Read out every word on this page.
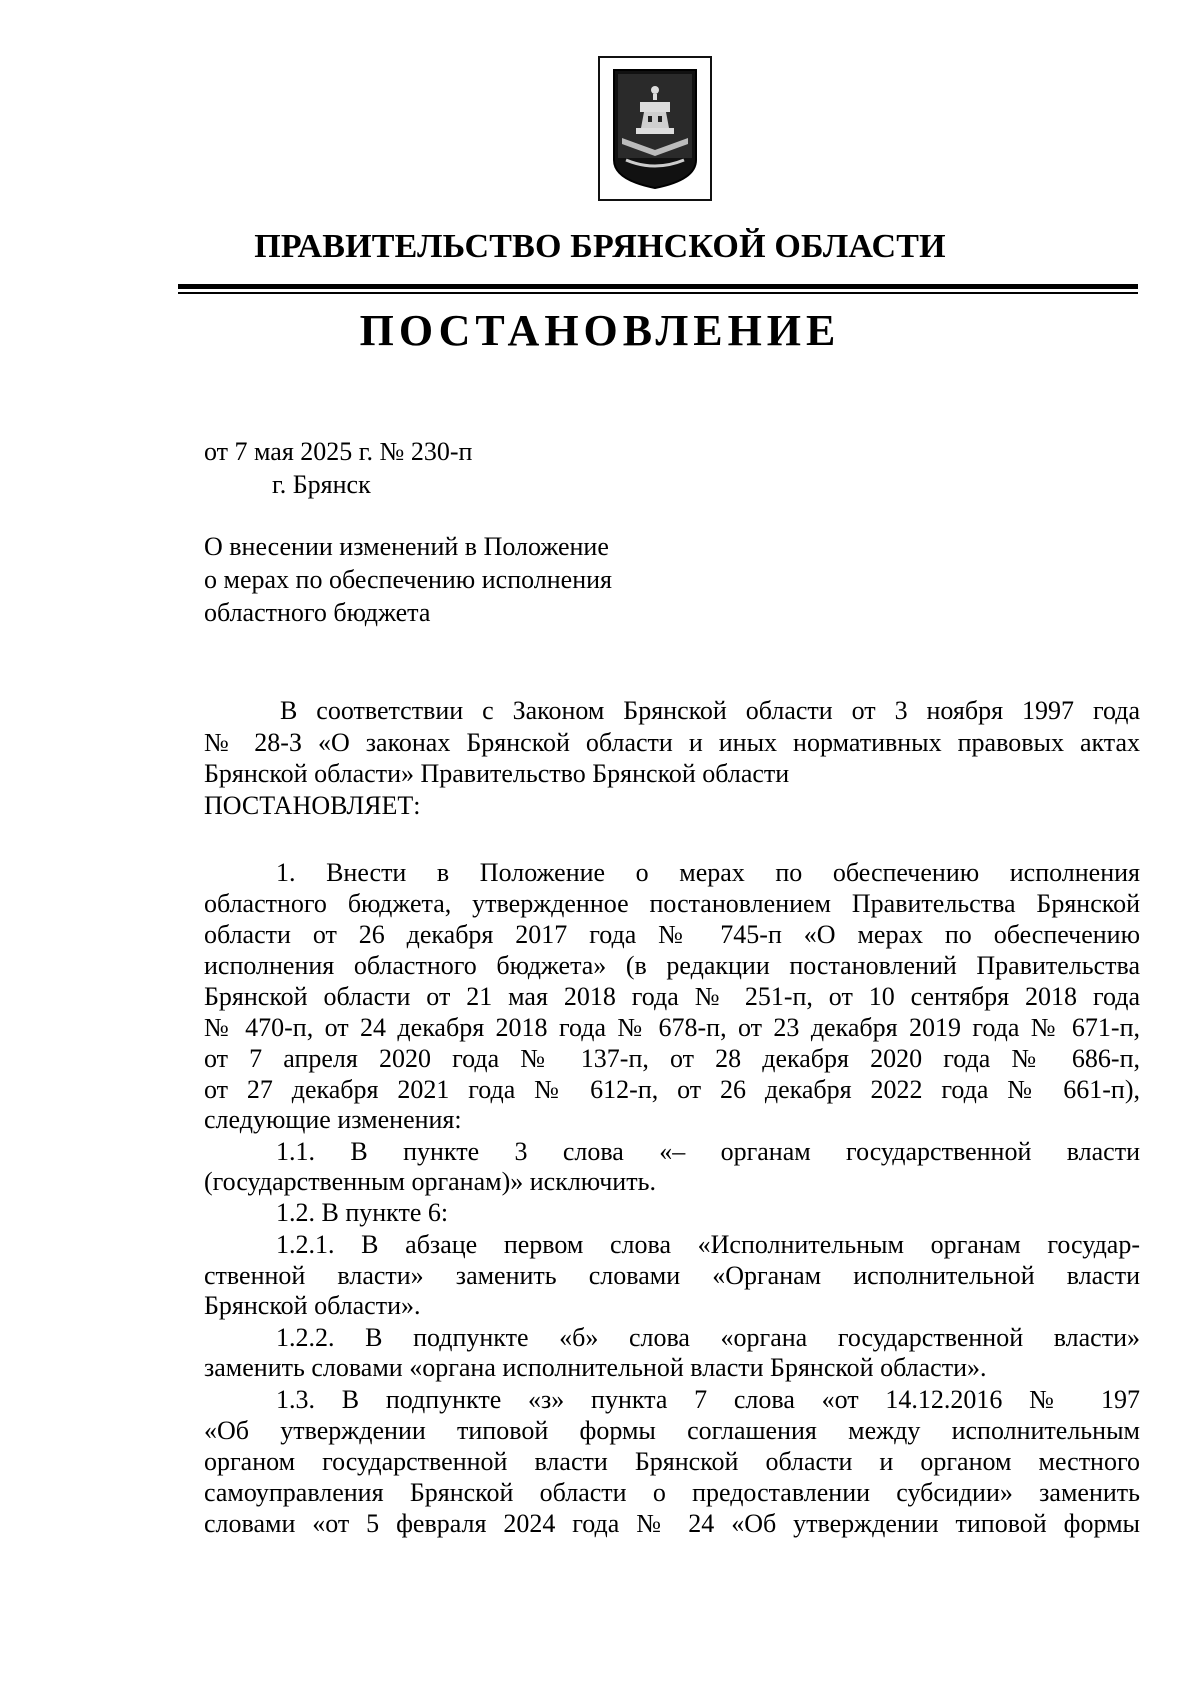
ПРАВИТЕЛЬСТВО БРЯНСКОЙ ОБЛАСТИ
ПОСТАНОВЛЕНИЕ
от 7 мая 2025 г. № 230-п
г. Брянск
О внесении изменений в Положение
о мерах по обеспечению исполнения
областного бюджета
В соответствии с Законом Брянской области от 3 ноября 1997 года
№ 28-З «О законах Брянской области и иных нормативных правовых актах
Брянской области» Правительство Брянской области
ПОСТАНОВЛЯЕТ:
1. Внести в Положение о мерах по обеспечению исполнения
областного бюджета, утвержденное постановлением Правительства Брянской
области от 26 декабря 2017 года № 745-п «О мерах по обеспечению
исполнения областного бюджета» (в редакции постановлений Правительства
Брянской области от 21 мая 2018 года № 251-п, от 10 сентября 2018 года
№ 470-п, от 24 декабря 2018 года № 678-п, от 23 декабря 2019 года № 671-п,
от 7 апреля 2020 года № 137-п, от 28 декабря 2020 года № 686-п,
от 27 декабря 2021 года № 612-п, от 26 декабря 2022 года № 661-п),
следующие изменения:
1.1. В пункте 3 слова «– органам государственной власти
(государственным органам)» исключить.
1.2. В пункте 6:
1.2.1. В абзаце первом слова «Исполнительным органам государ-
ственной власти» заменить словами «Органам исполнительной власти
Брянской области».
1.2.2. В подпункте «б» слова «органа государственной власти»
заменить словами «органа исполнительной власти Брянской области».
1.3. В подпункте «з» пункта 7 слова «от 14.12.2016 № 197
«Об утверждении типовой формы соглашения между исполнительным
органом государственной власти Брянской области и органом местного
самоуправления Брянской области о предоставлении субсидии» заменить
словами «от 5 февраля 2024 года № 24 «Об утверждении типовой формы
